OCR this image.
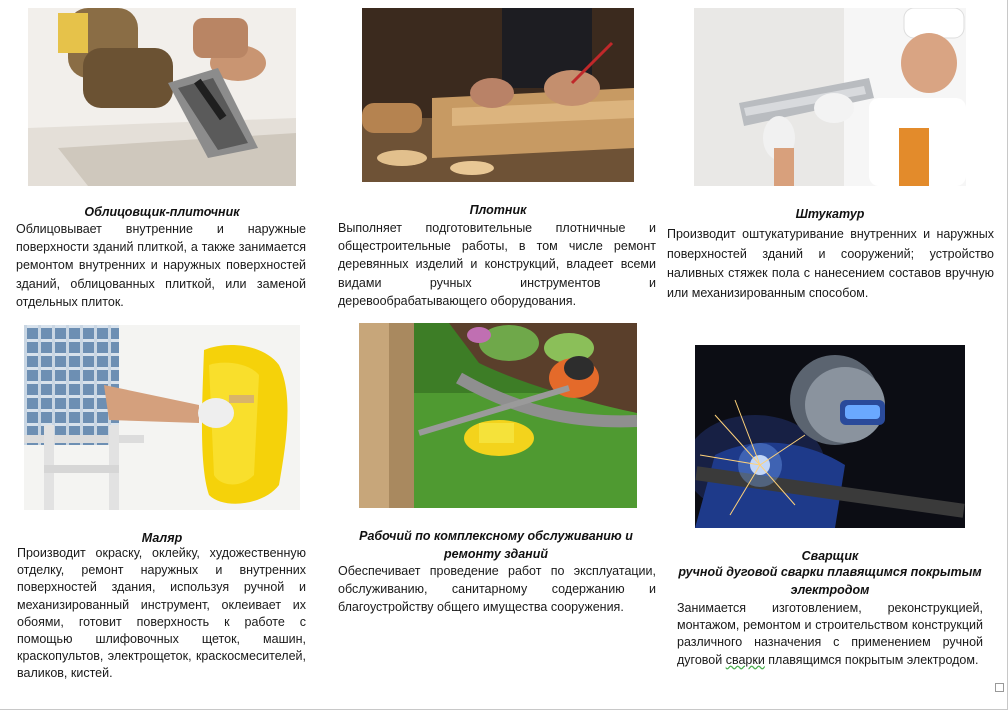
Облицовщик-плиточник
Облицовывает внутренние и наружные поверхности зданий плиткой, а также занимается ремонтом внутренних и наружных поверхностей зданий, облицованных плиткой, или заменой отдельных плиток.
Плотник
Выполняет подготовительные плотничные и общестроительные работы, в том числе ремонт деревянных изделий и конструкций, владеет всеми видами ручных инструментов и деревообрабатывающего оборудования.
Штукатур
Производит оштукатуривание внутренних и наружных поверхностей зданий и сооружений; устройство наливных стяжек пола с нанесением составов вручную или механизированным способом.
Маляр
Производит окраску, оклейку, художественную отделку, ремонт наружных и внутренних поверхностей здания, используя ручной и механизированный инструмент, оклеивает их обоями, готовит поверхность к работе с помощью шлифовочных щеток, машин, краскопультов, электрощеток, краскосмесителей, валиков, кистей.
Рабочий по комплексному обслуживанию и ремонту зданий
Обеспечивает проведение работ по эксплуатации, обслуживанию, санитарному содержанию и благоустройству общего имущества сооружения.
Сварщик
ручной дуговой сварки плавящимся покрытым электродом
Занимается изготовлением, реконструкцией, монтажом, ремонтом и строительством конструкций различного назначения с применением ручной дуговой сварки плавящимся покрытым электродом.
